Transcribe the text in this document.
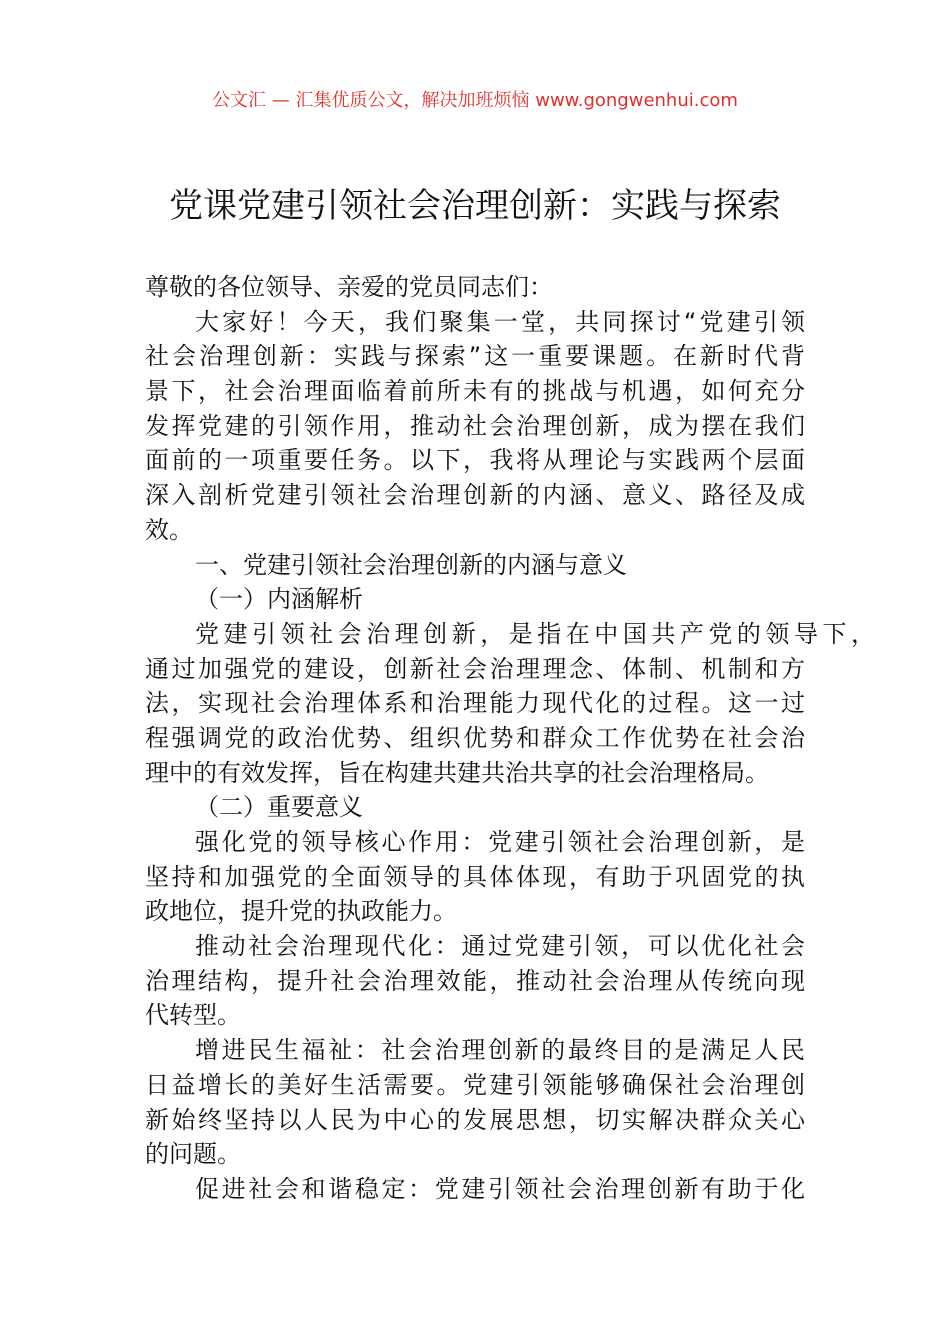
公文汇 — 汇集优质公文，解决加班烦恼 www.gongwenhui.com
党课党建引领社会治理创新：实践与探索
尊敬的各位领导、亲爱的党员同志们：
大家好！今天，我们聚集一堂，共同探讨“党建引领
社会治理创新：实践与探索”这一重要课题。在新时代背
景下，社会治理面临着前所未有的挑战与机遇，如何充分
发挥党建的引领作用，推动社会治理创新，成为摆在我们
面前的一项重要任务。以下，我将从理论与实践两个层面
深入剖析党建引领社会治理创新的内涵、意义、路径及成
效。
一、党建引领社会治理创新的内涵与意义
（一）内涵解析
党建引领社会治理创新，是指在中国共产党的领导下，
通过加强党的建设，创新社会治理理念、体制、机制和方
法，实现社会治理体系和治理能力现代化的过程。这一过
程强调党的政治优势、组织优势和群众工作优势在社会治
理中的有效发挥，旨在构建共建共治共享的社会治理格局。
（二）重要意义
强化党的领导核心作用：党建引领社会治理创新，是
坚持和加强党的全面领导的具体体现，有助于巩固党的执
政地位，提升党的执政能力。
推动社会治理现代化：通过党建引领，可以优化社会
治理结构，提升社会治理效能，推动社会治理从传统向现
代转型。
增进民生福祉：社会治理创新的最终目的是满足人民
日益增长的美好生活需要。党建引领能够确保社会治理创
新始终坚持以人民为中心的发展思想，切实解决群众关心
的问题。
促进社会和谐稳定：党建引领社会治理创新有助于化
